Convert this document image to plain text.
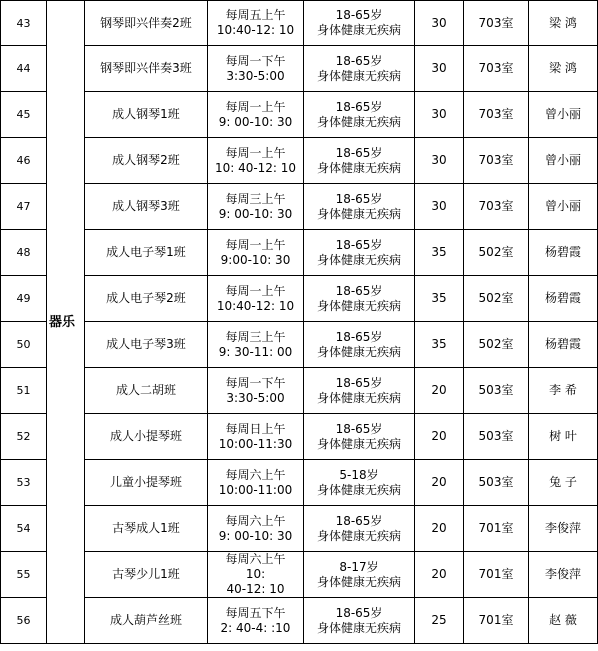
43	器乐	钢琴即兴伴奏2班	每周五上午
10:40-12: 10	18-65岁
身体健康无疾病	30	703室	梁 鸿

44		钢琴即兴伴奏3班	每周一下午
3:30-5:00	18-65岁
身体健康无疾病	30	703室	梁 鸿

45		成人钢琴1班	每周一上午
9: 00-10: 30	18-65岁
身体健康无疾病	30	703室	曾小丽

46		成人钢琴2班	每周一上午
10: 40-12: 10	18-65岁
身体健康无疾病	30	703室	曾小丽

47		成人钢琴3班	每周三上午
9: 00-10: 30	18-65岁
身体健康无疾病	30	703室	曾小丽

48		成人电子琴1班	每周一上午
9:00-10: 30	18-65岁
身体健康无疾病	35	502室	杨碧霞

49		成人电子琴2班	每周一上午
10:40-12: 10	18-65岁
身体健康无疾病	35	502室	杨碧霞

50		成人电子琴3班	每周三上午
9: 30-11: 00	18-65岁
身体健康无疾病	35	502室	杨碧霞

51		成人二胡班	每周一下午
3:30-5:00	18-65岁
身体健康无疾病	20	503室	李 希

52		成人小提琴班	每周日上午
10:00-11:30	18-65岁
身体健康无疾病	20	503室	树 叶

53		儿童小提琴班	每周六上午
10:00-11:00	5-18岁
身体健康无疾病	20	503室	兔 子

54		古琴成人1班	每周六上午
9: 00-10: 30	18-65岁
身体健康无疾病	20	701室	李俊萍

55		古琴少儿1班	每周六上午
10:
40-12: 10	8-17岁
身体健康无疾病	20	701室	李俊萍

56		成人葫芦丝班	每周五下午
2: 40-4: :10	18-65岁
身体健康无疾病	25	701室	赵 薇
